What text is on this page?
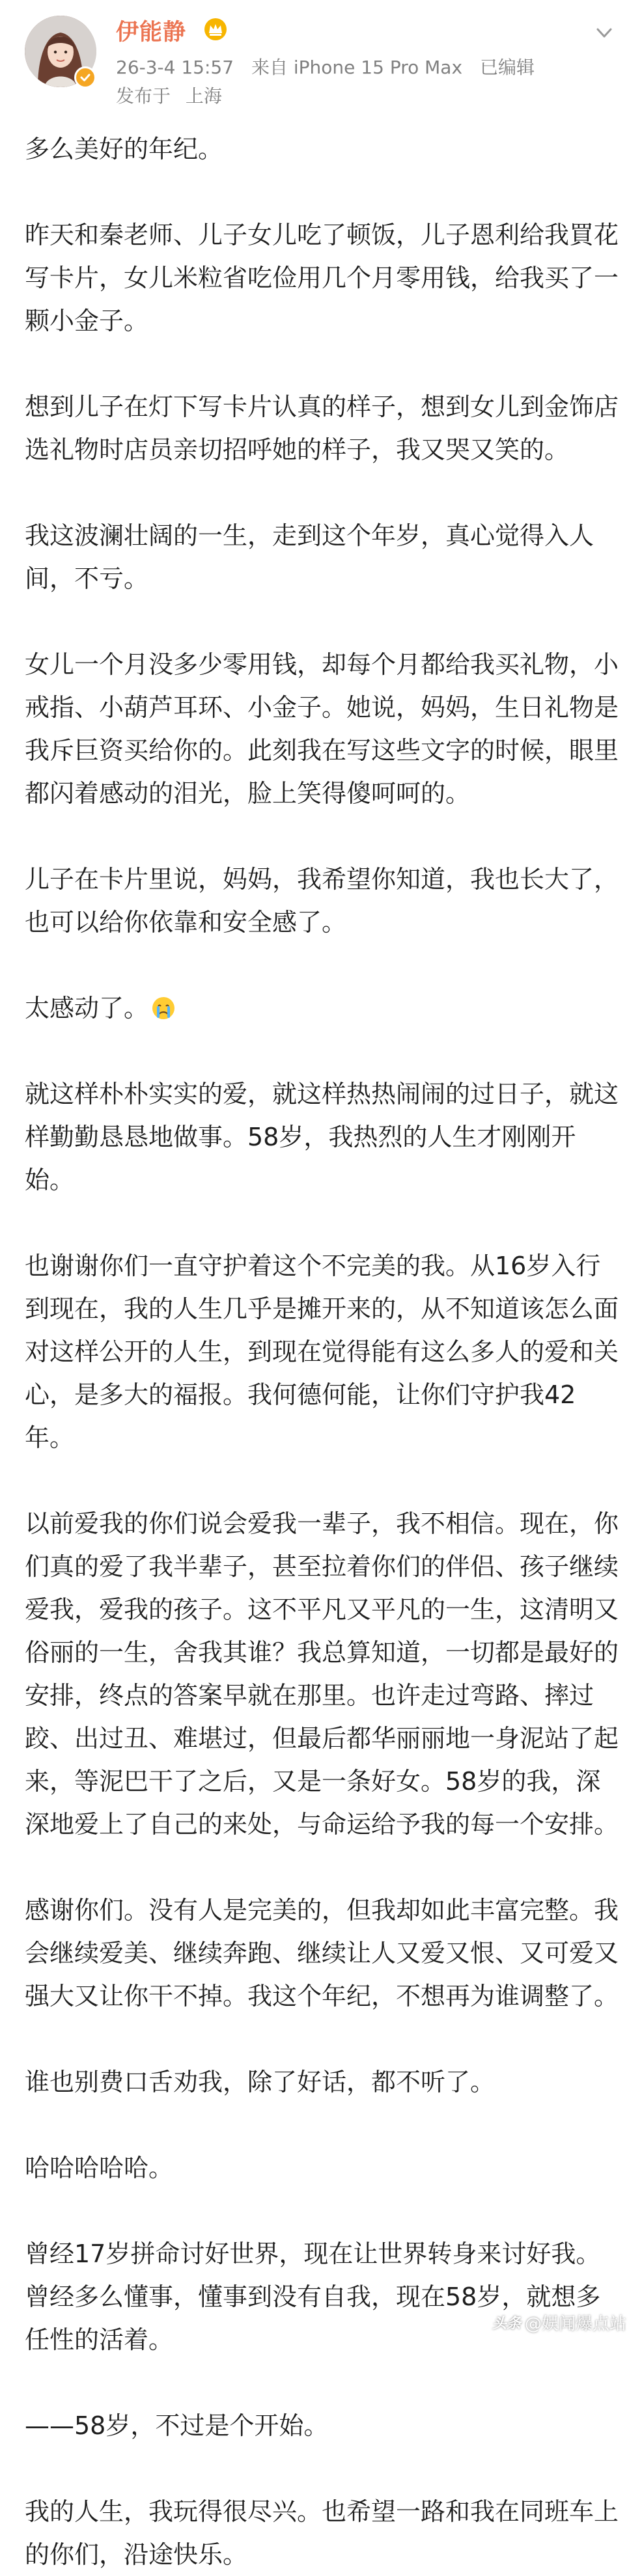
伊能静
26-3-4 15:57 来自 iPhone 15 Pro Max 已编辑
发布于 上海

多么美好的年纪。

昨天和秦老师、儿子女儿吃了顿饭，儿子恩利给我買花写卡片，女儿米粒省吃俭用几个月零用钱，给我买了一颗小金子。

想到儿子在灯下写卡片认真的样子，想到女儿到金饰店选礼物时店员亲切招呼她的样子，我又哭又笑的。

我这波澜壮阔的一生，走到这个年岁，真心觉得入人间，不亏。

女儿一个月没多少零用钱，却每个月都给我买礼物，小戒指、小葫芦耳环、小金子。她说，妈妈，生日礼物是我斥巨资买给你的。此刻我在写这些文字的时候，眼里都闪着感动的泪光，脸上笑得傻呵呵的。

儿子在卡片里说，妈妈，我希望你知道，我也长大了，也可以给你依靠和安全感了。

太感动了。

就这样朴朴实实的爱，就这样热热闹闹的过日子，就这样勤勤恳恳地做事。58岁，我热烈的人生才刚刚开始。

也谢谢你们一直守护着这个不完美的我。从16岁入行到现在，我的人生几乎是摊开来的，从不知道该怎么面对这样公开的人生，到现在觉得能有这么多人的爱和关心，是多大的福报。我何德何能，让你们守护我42年。

以前爱我的你们说会爱我一辈子，我不相信。现在，你们真的爱了我半辈子，甚至拉着你们的伴侣、孩子继续爱我，爱我的孩子。这不平凡又平凡的一生，这清明又俗丽的一生，舍我其谁？我总算知道，一切都是最好的安排，终点的答案早就在那里。也许走过弯路、摔过跤、出过丑、难堪过，但最后都华丽丽地一身泥站了起来，等泥巴干了之后，又是一条好女。58岁的我，深深地爱上了自己的来处，与命运给予我的每一个安排。

感谢你们。没有人是完美的，但我却如此丰富完整。我会继续爱美、继续奔跑、继续让人又爱又恨、又可爱又强大又让你干不掉。我这个年纪，不想再为谁调整了。

谁也别费口舌劝我，除了好话，都不听了。

哈哈哈哈哈。

曾经17岁拼命讨好世界，现在让世界转身来讨好我。曾经多么懂事，懂事到没有自我，现在58岁，就想多任性的活着。

——58岁，不过是个开始。

我的人生，我玩得很尽兴。也希望一路和我在同班车上的你们，沿途快乐。

头条 @娱闻爆点站
